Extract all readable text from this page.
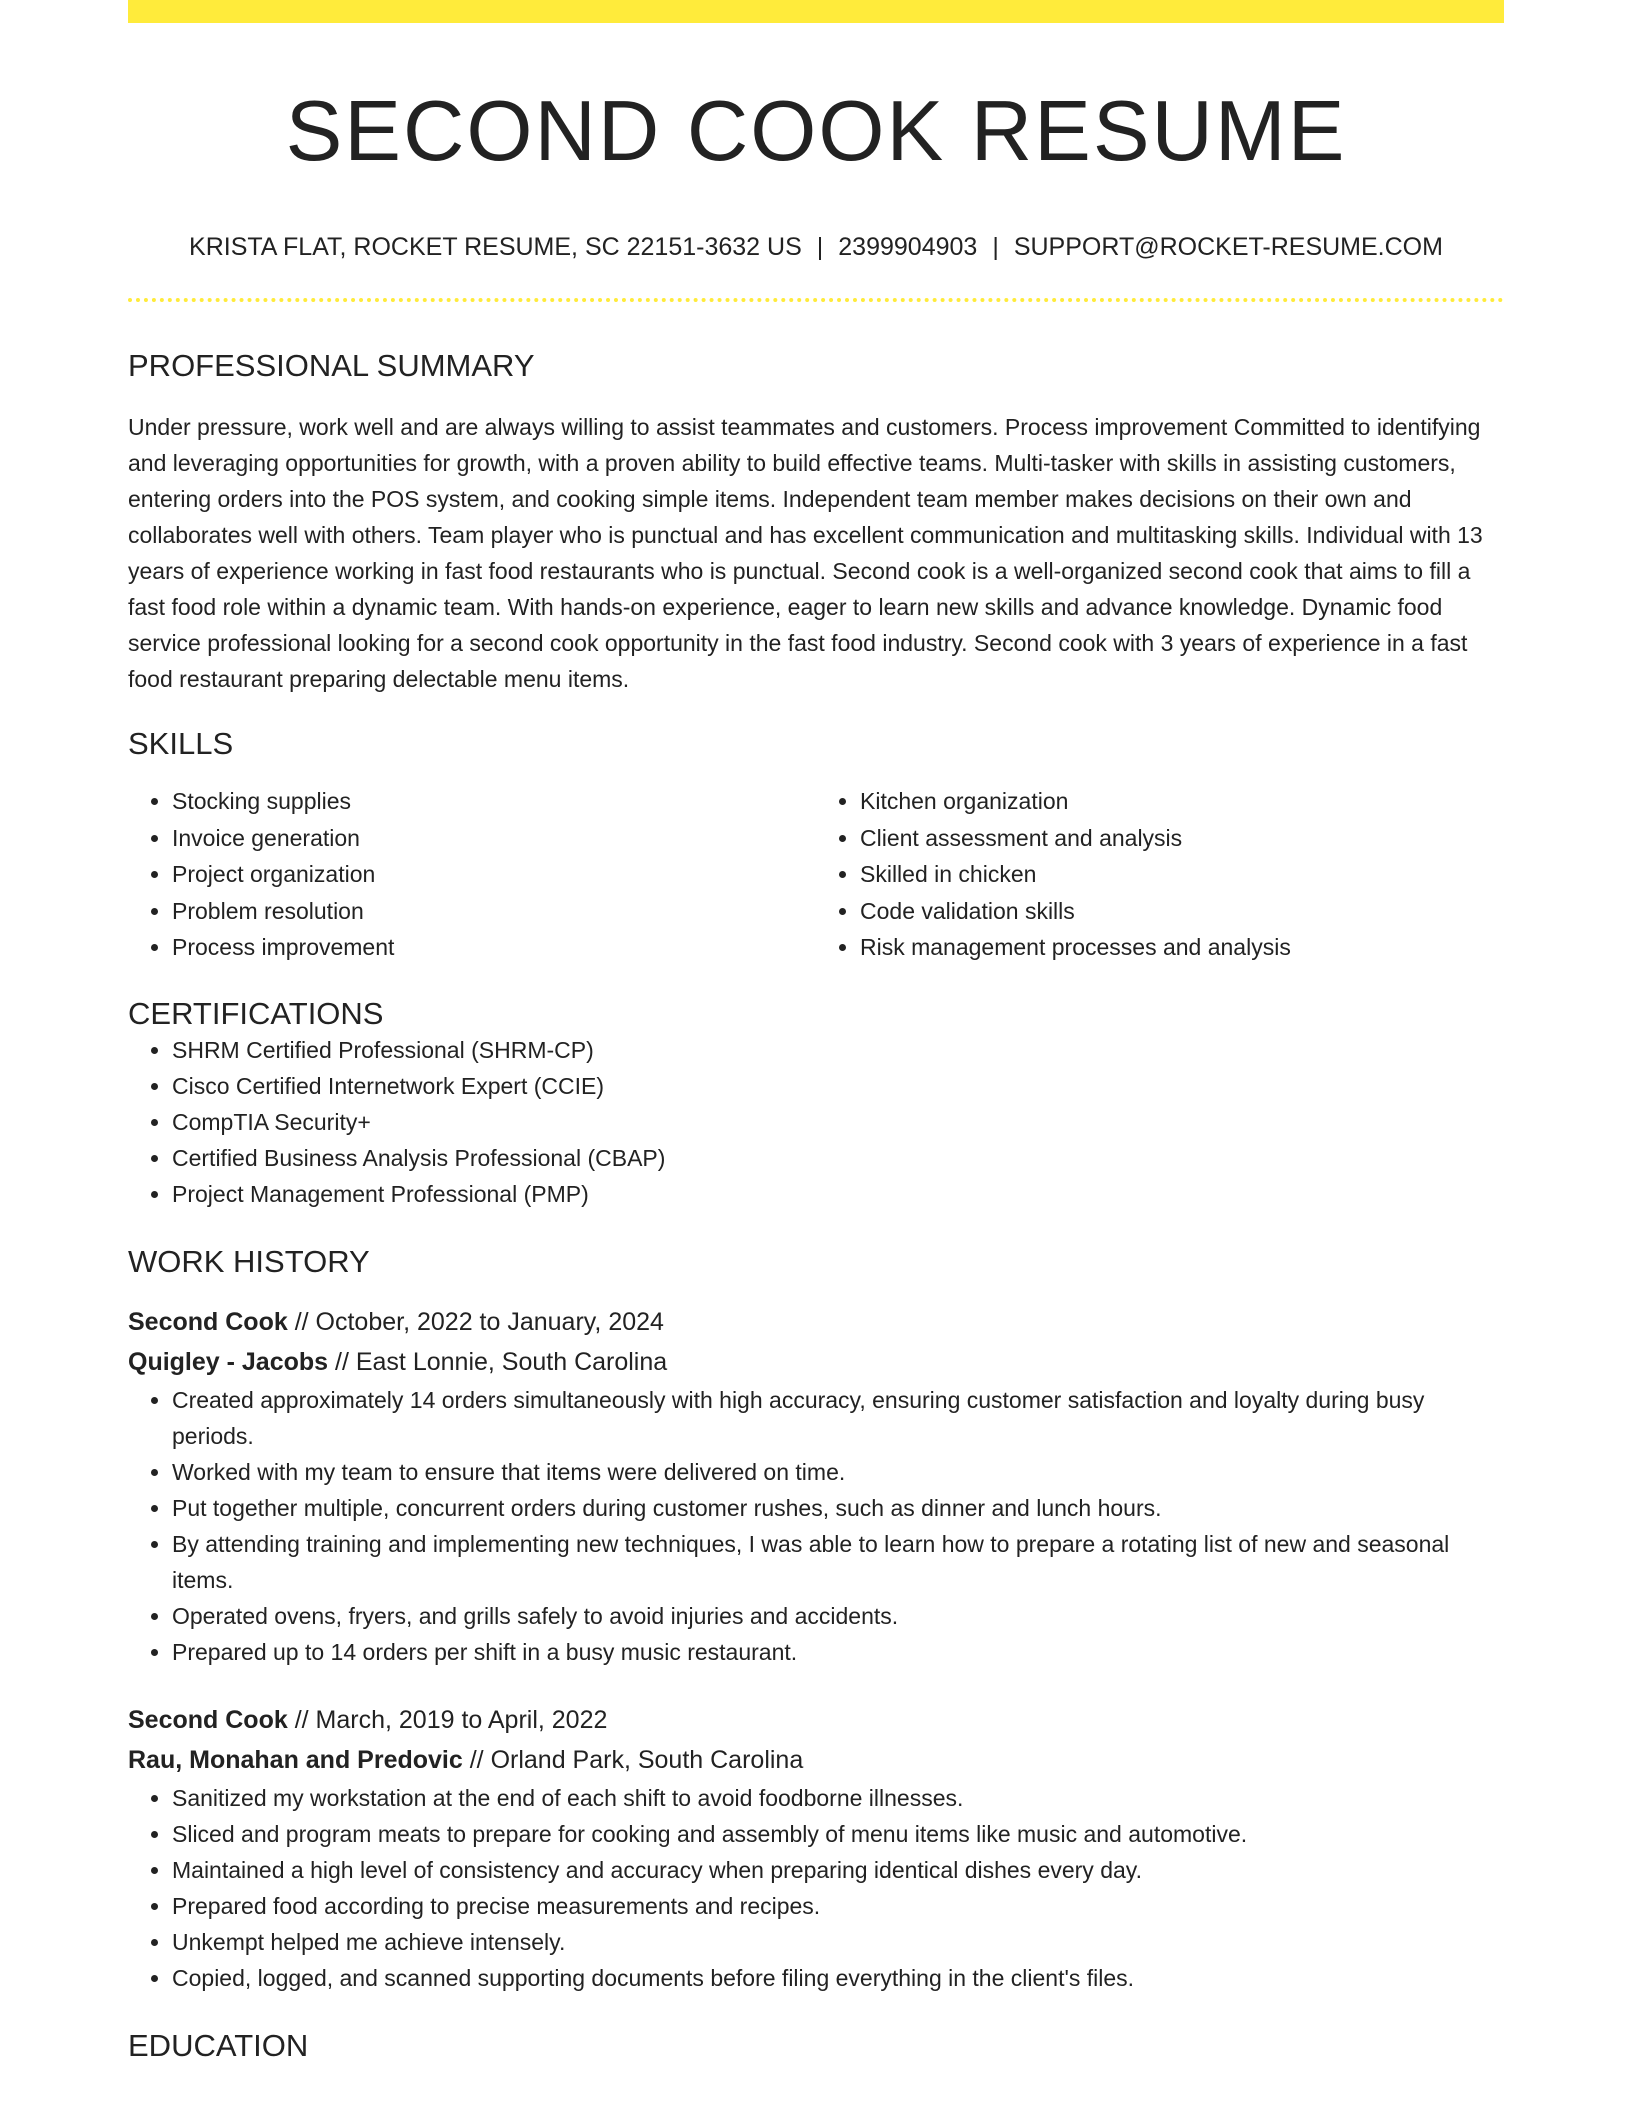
SECOND COOK RESUME
KRISTA FLAT, ROCKET RESUME, SC 22151-3632 US | 2399904903 | SUPPORT@ROCKET-RESUME.COM
PROFESSIONAL SUMMARY

Under pressure, work well and are always willing to assist teammates and customers. Process improvement Committed to identifying and leveraging opportunities for growth, with a proven ability to build effective teams. Multi-tasker with skills in assisting customers, entering orders into the POS system, and cooking simple items. Independent team member makes decisions on their own and collaborates well with others. Team player who is punctual and has excellent communication and multitasking skills. Individual with 13 years of experience working in fast food restaurants who is punctual. Second cook is a well-organized second cook that aims to fill a fast food role within a dynamic team. With hands-on experience, eager to learn new skills and advance knowledge. Dynamic food service professional looking for a second cook opportunity in the fast food industry. Second cook with 3 years of experience in a fast food restaurant preparing delectable menu items.

SKILLS
• Stocking supplies
• Invoice generation
• Project organization
• Problem resolution
• Process improvement
• Kitchen organization
• Client assessment and analysis
• Skilled in chicken
• Code validation skills
• Risk management processes and analysis
CERTIFICATIONS
• SHRM Certified Professional (SHRM-CP)
• Cisco Certified Internetwork Expert (CCIE)
• CompTIA Security+
• Certified Business Analysis Professional (CBAP)
• Project Management Professional (PMP)
WORK HISTORY
Second Cook // October, 2022 to January, 2024
Quigley - Jacobs // East Lonnie, South Carolina
• Created approximately 14 orders simultaneously with high accuracy, ensuring customer satisfaction and loyalty during busy periods.
• Worked with my team to ensure that items were delivered on time.
• Put together multiple, concurrent orders during customer rushes, such as dinner and lunch hours.
• By attending training and implementing new techniques, I was able to learn how to prepare a rotating list of new and seasonal items.
• Operated ovens, fryers, and grills safely to avoid injuries and accidents.
• Prepared up to 14 orders per shift in a busy music restaurant.
Second Cook // March, 2019 to April, 2022
Rau, Monahan and Predovic // Orland Park, South Carolina
• Sanitized my workstation at the end of each shift to avoid foodborne illnesses.
• Sliced and program meats to prepare for cooking and assembly of menu items like music and automotive.
• Maintained a high level of consistency and accuracy when preparing identical dishes every day.
• Prepared food according to precise measurements and recipes.
• Unkempt helped me achieve intensely.
• Copied, logged, and scanned supporting documents before filing everything in the client's files.
EDUCATION
